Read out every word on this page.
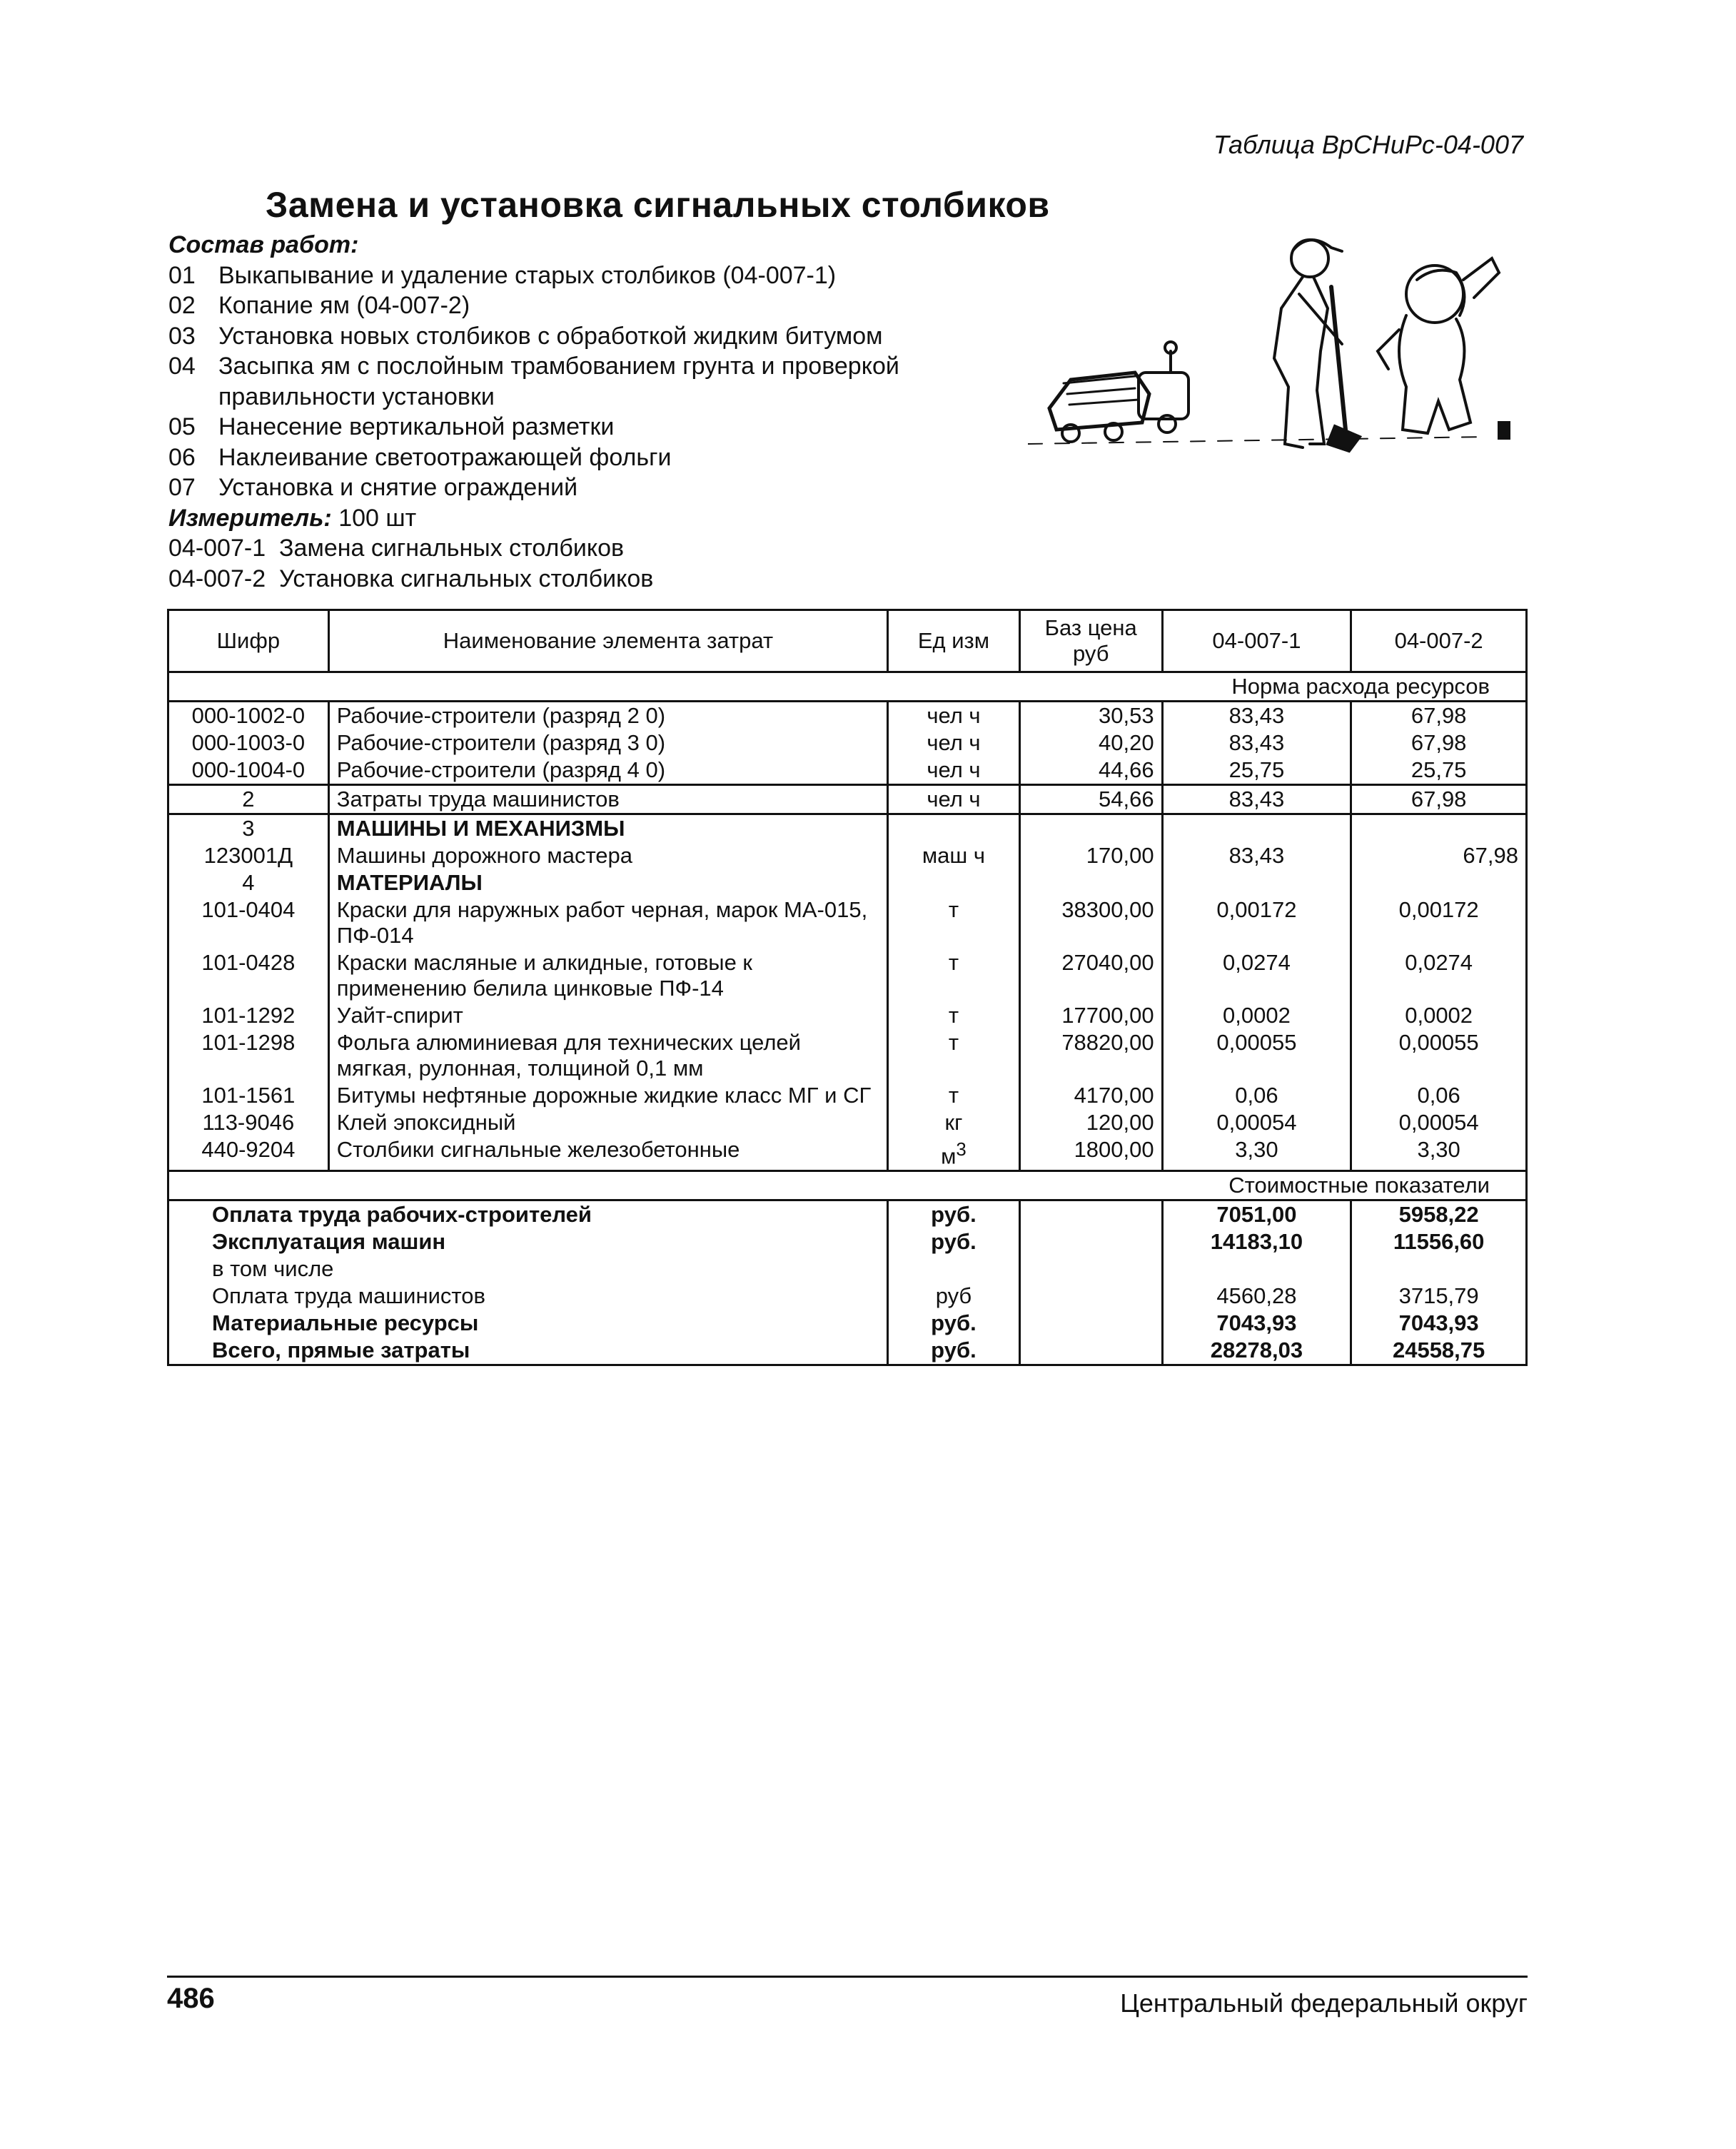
Таблица ВрСНиРс-04-007
Замена и установка сигнальных столбиков
Состав работ:
01 Выкапывание и удаление старых столбиков (04-007-1)
02 Копание ям (04-007-2)
03 Установка новых столбиков с обработкой жидким битумом
04 Засыпка ям с послойным трамбованием грунта и проверкой правильности установки
05 Нанесение вертикальной разметки
06 Наклеивание светоотражающей фольги
07 Установка и снятие ограждений
Измеритель: 100 шт
04-007-1 Замена сигнальных столбиков
04-007-2 Установка сигнальных столбиков
Шифр	Наименование элемента затрат	Ед изм	Баз цена руб	04-007-1	04-007-2
Норма расхода ресурсов					
000-1002-0	Рабочие-строители (разряд 2 0)	чел ч	30,53	83,43	67,98
000-1003-0	Рабочие-строители (разряд 3 0)	чел ч	40,20	83,43	67,98
000-1004-0	Рабочие-строители (разряд 4 0)	чел ч	44,66	25,75	25,75
2	Затраты труда машинистов	чел ч	54,66	83,43	67,98
3	МАШИНЫ И МЕХАНИЗМЫ				
123001Д	Машины дорожного мастера	маш ч	170,00	83,43	67,98
4	МАТЕРИАЛЫ				
101-0404	Краски для наружных работ черная, марок МА-015, ПФ-014	т	38300,00	0,00172	0,00172
101-0428	Краски масляные и алкидные, готовые к применению белила цинковые ПФ-14	т	27040,00	0,0274	0,0274
101-1292	Уайт-спирит	т	17700,00	0,0002	0,0002
101-1298	Фольга алюминиевая для технических целей мягкая, рулонная, толщиной 0,1 мм	т	78820,00	0,00055	0,00055
101-1561	Битумы нефтяные дорожные жидкие класс МГ и СГ	т	4170,00	0,06	0,06
113-9046	Клей эпоксидный	кг	120,00	0,00054	0,00054
440-9204	Столбики сигнальные железобетонные	$м^3$	1800,00	3,30	3,30
Стоимостные показатели					
Оплата труда рабочих-строителей		руб.		7051,00	5958,22
Эксплуатация машин		руб.		14183,10	11556,60
в том числе					
Оплата труда машинистов		руб		4560,28	3715,79
Материальные ресурсы		руб.		7043,93	7043,93
Всего, прямые затраты		руб.		28278,03	24558,75
486	Центральный федеральный округ
